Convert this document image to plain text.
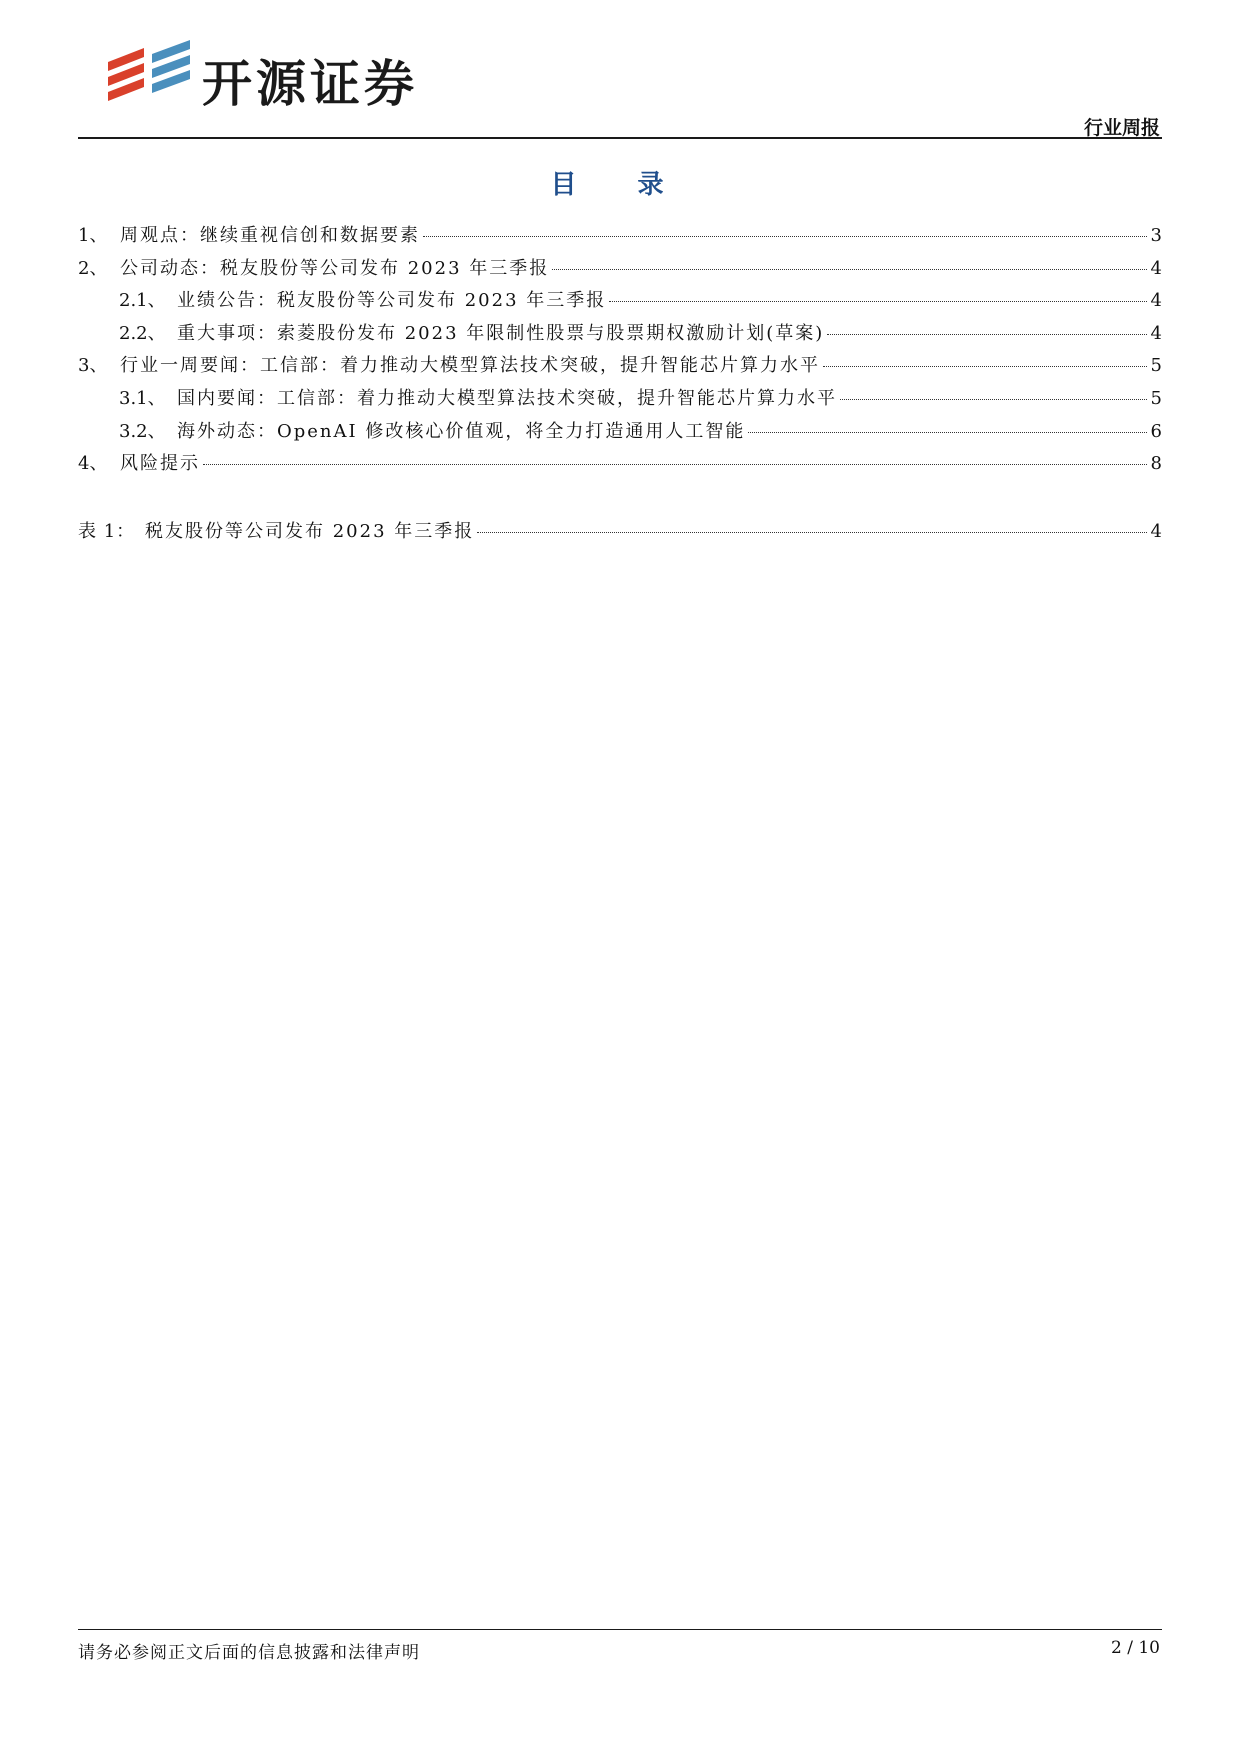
开源证券
行业周报
目 录
1、 周观点：继续重视信创和数据要素	3
2、 公司动态：税友股份等公司发布 2023 年三季报	4
2.1、 业绩公告：税友股份等公司发布 2023 年三季报	4
2.2、 重大事项：索菱股份发布 2023 年限制性股票与股票期权激励计划(草案)	4
3、 行业一周要闻：工信部：着力推动大模型算法技术突破，提升智能芯片算力水平	5
3.1、 国内要闻：工信部：着力推动大模型算法技术突破，提升智能芯片算力水平	5
3.2、 海外动态：OpenAI 修改核心价值观，将全力打造通用人工智能	6
4、 风险提示	8
表 1： 税友股份等公司发布 2023 年三季报	4
请务必参阅正文后面的信息披露和法律声明	2 / 10
